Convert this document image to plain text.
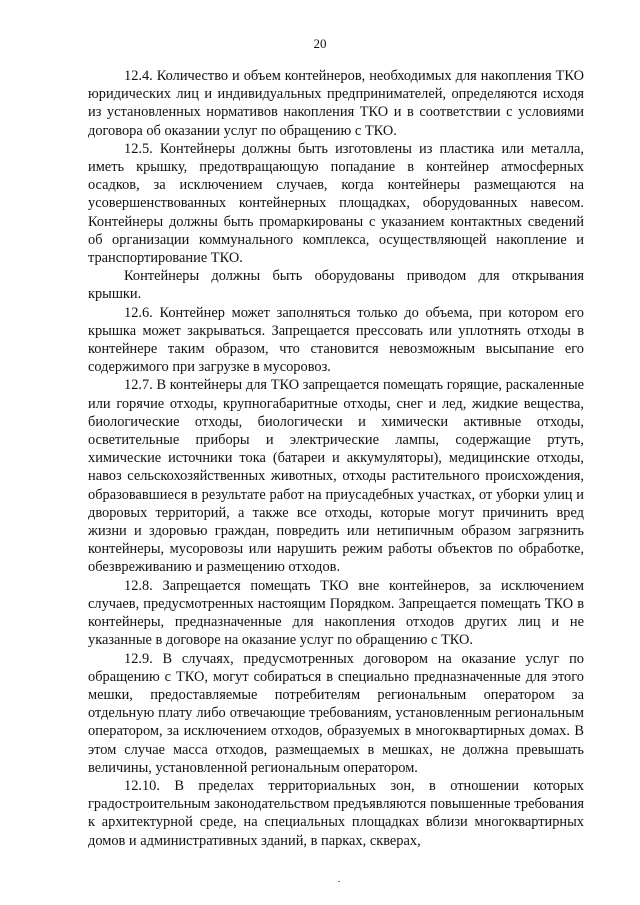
20

12.4. Количество и объем контейнеров, необходимых для накопления ТКО юридических лиц и индивидуальных предпринимателей, определяются исходя из установленных нормативов накопления ТКО и в соответствии с условиями договора об оказании услуг по обращению с ТКО.

12.5. Контейнеры должны быть изготовлены из пластика или металла, иметь крышку, предотвращающую попадание в контейнер атмосферных осадков, за исключением случаев, когда контейнеры размещаются на усовершенствованных контейнерных площадках, оборудованных навесом. Контейнеры должны быть промаркированы с указанием контактных сведений об организации коммунального комплекса, осуществляющей накопление и транспортирование ТКО.

Контейнеры должны быть оборудованы приводом для открывания крышки.

12.6. Контейнер может заполняться только до объема, при котором его крышка может закрываться. Запрещается прессовать или уплотнять отходы в контейнере таким образом, что становится невозможным высыпание его содержимого при загрузке в мусоровоз.

12.7. В контейнеры для ТКО запрещается помещать горящие, раскаленные или горячие отходы, крупногабаритные отходы, снег и лед, жидкие вещества, биологические отходы, биологически и химически активные отходы, осветительные приборы и электрические лампы, содержащие ртуть, химические источники тока (батареи и аккумуляторы), медицинские отходы, навоз сельскохозяйственных животных, отходы растительного происхождения, образовавшиеся в результате работ на приусадебных участках, от уборки улиц и дворовых территорий, а также все отходы, которые могут причинить вред жизни и здоровью граждан, повредить или нетипичным образом загрязнить контейнеры, мусоровозы или нарушить режим работы объектов по обработке, обезвреживанию и размещению отходов.

12.8. Запрещается помещать ТКО вне контейнеров, за исключением случаев, предусмотренных настоящим Порядком. Запрещается помещать ТКО в контейнеры, предназначенные для накопления отходов других лиц и не указанные в договоре на оказание услуг по обращению с ТКО.

12.9. В случаях, предусмотренных договором на оказание услуг по обращению с ТКО, могут собираться в специально предназначенные для этого мешки, предоставляемые потребителям региональным оператором за отдельную плату либо отвечающие требованиям, установленным региональным оператором, за исключением отходов, образуемых в многоквартирных домах. В этом случае масса отходов, размещаемых в мешках, не должна превышать величины, установленной региональным оператором.

12.10. В пределах территориальных зон, в отношении которых градостроительным законодательством предъявляются повышенные требования к архитектурной среде, на специальных площадках вблизи многоквартирных домов и административных зданий, в парках, скверах,
